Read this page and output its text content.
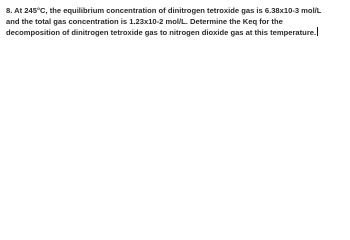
8. At 245°C, the equilibrium concentration of dinitrogen tetroxide gas is 6.38x10-3 mol/L
and the total gas concentration is 1.23x10-2 mol/L. Determine the Keq for the
decomposition of dinitrogen tetroxide gas to nitrogen dioxide gas at this temperature.
